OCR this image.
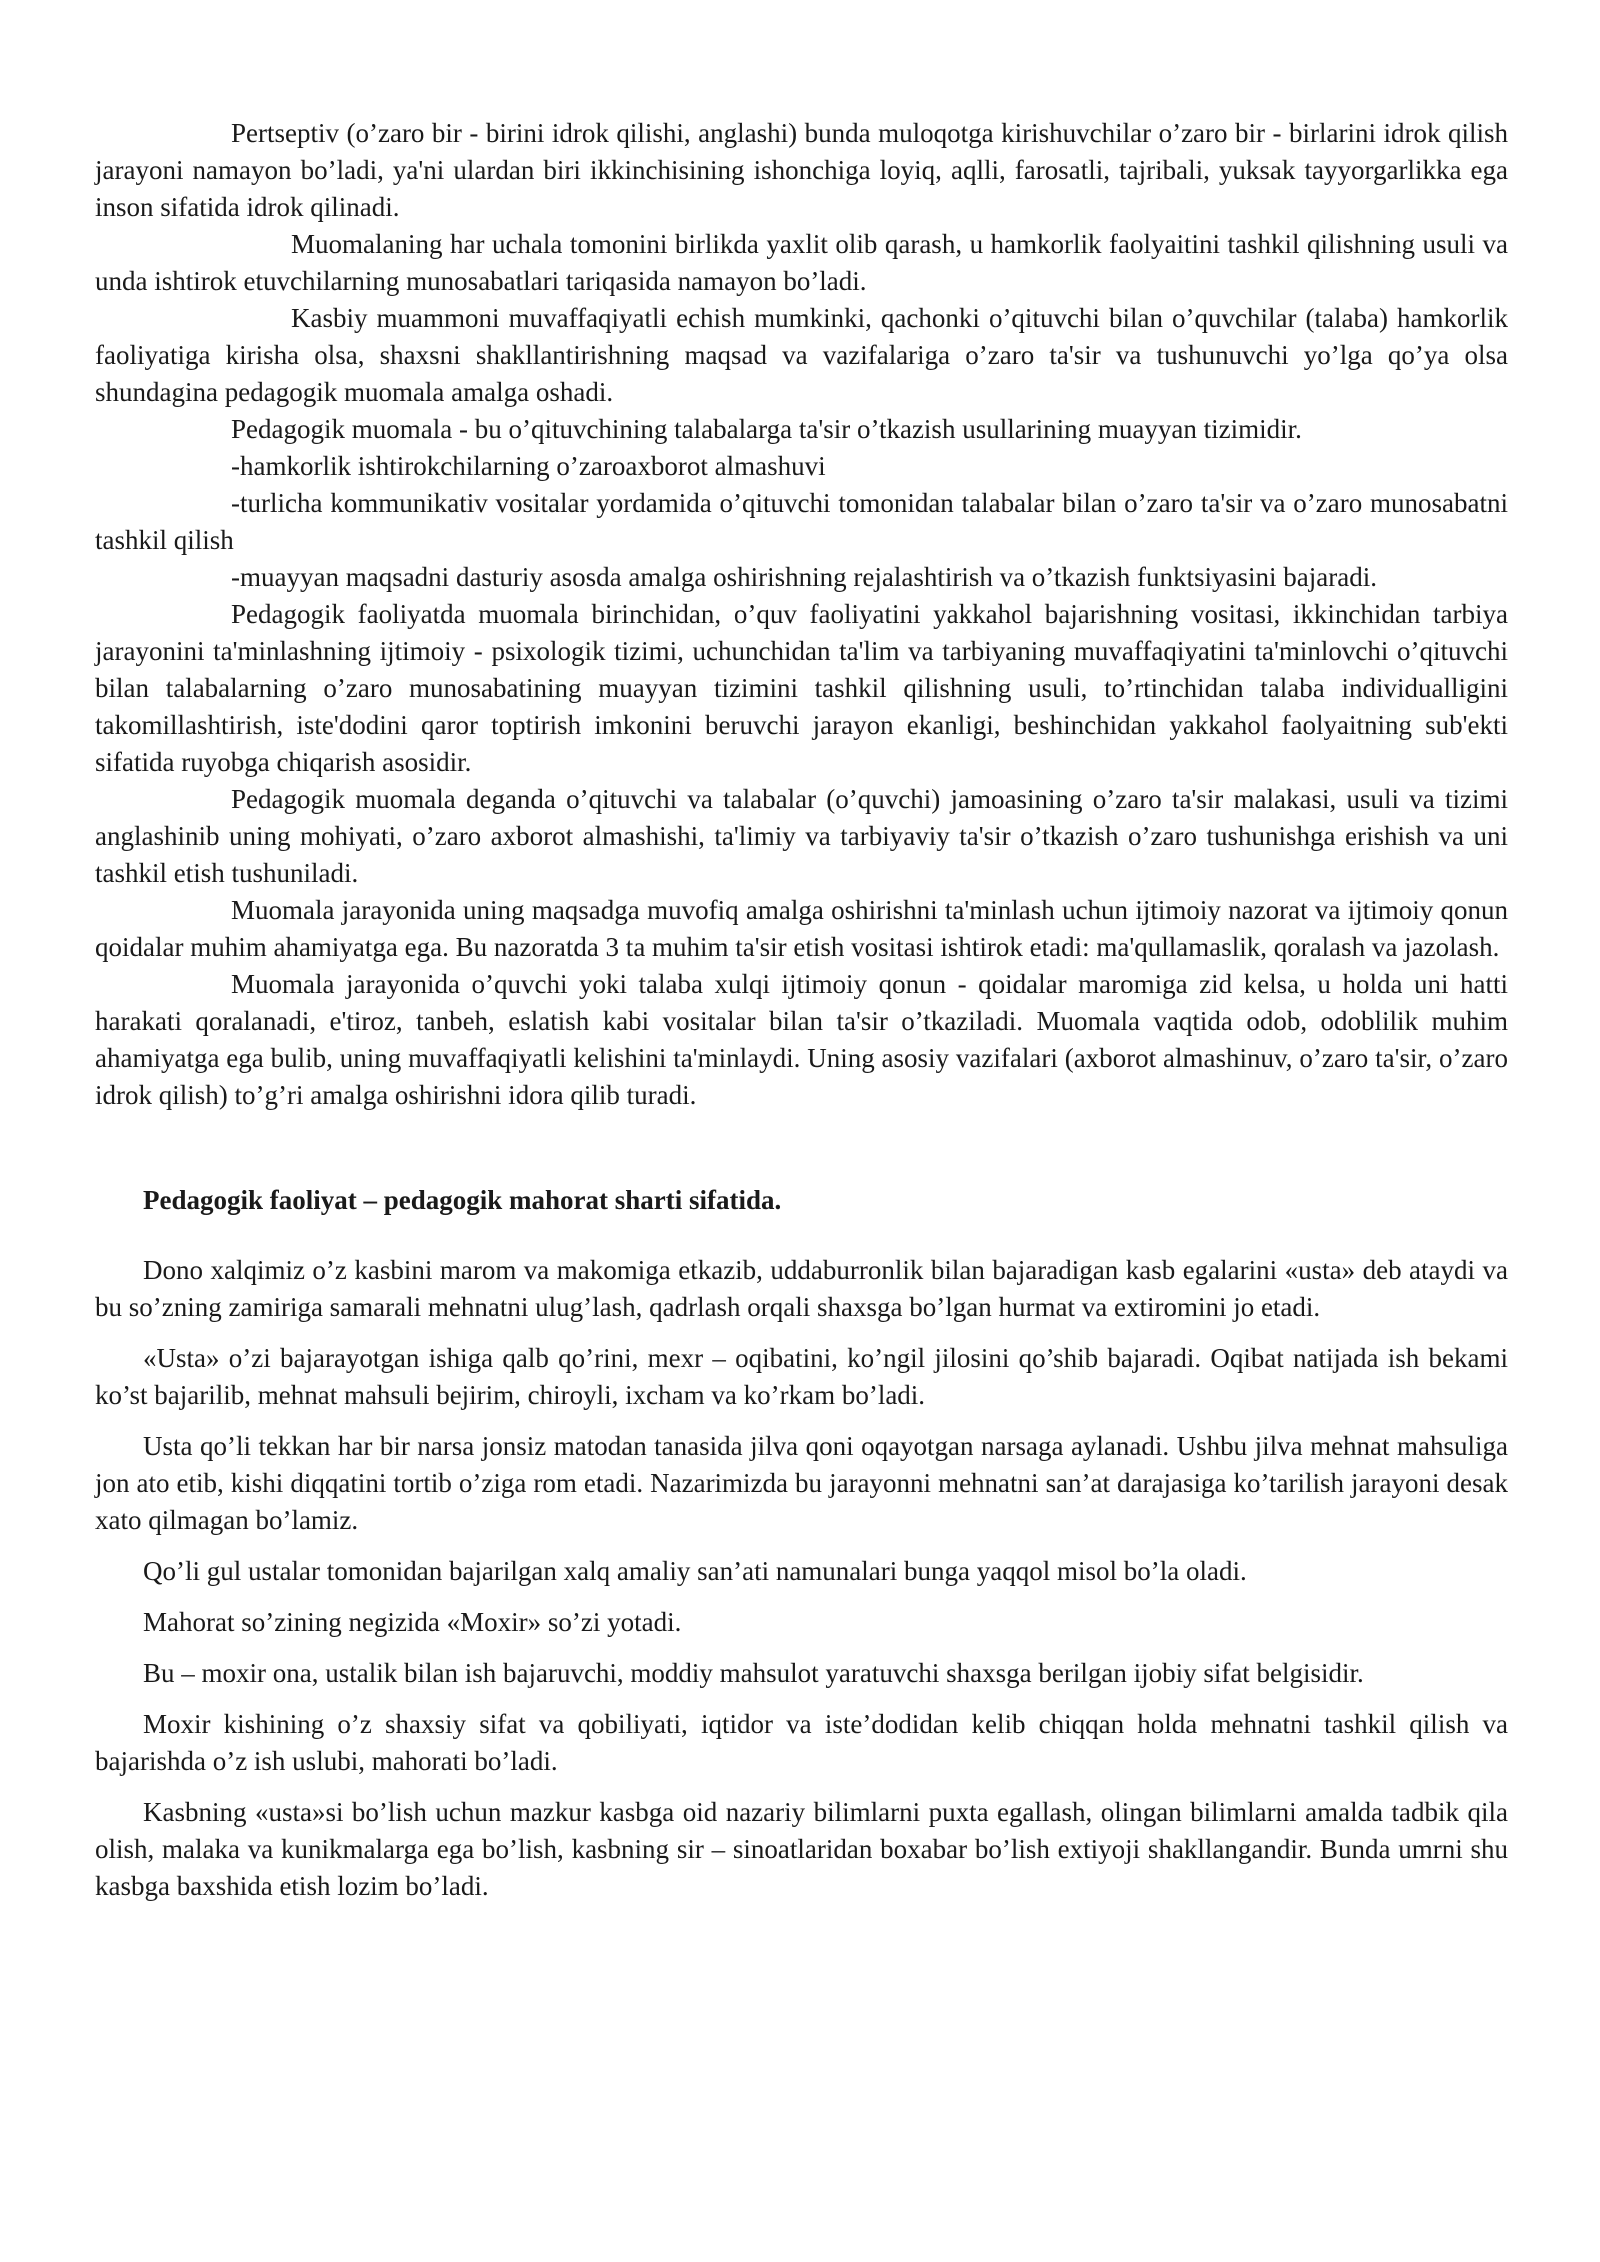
Pertseptiv (o’zaro bir - birini idrok qilishi, anglashi) bunda muloqotga kirishuvchilar o’zaro bir - birlarini idrok qilish jarayoni namayon bo’ladi, ya'ni ulardan biri ikkinchisining ishonchiga loyiq, aqlli, farosatli, tajribali, yuksak tayyorgarlikka ega inson sifatida idrok qilinadi.

Muomalaning har uchala tomonini birlikda yaxlit olib qarash, u hamkorlik faolyaitini tashkil qilishning usuli va unda ishtirok etuvchilarning munosabatlari tariqasida namayon bo’ladi.

Kasbiy muammoni muvaffaqiyatli echish mumkinki, qachonki o’qituvchi bilan o’quvchilar (talaba) hamkorlik faoliyatiga kirisha olsa, shaxsni shakllantirishning maqsad va vazifalariga o’zaro ta'sir va tushunuvchi yo’lga qo’ya olsa shundagina pedagogik muomala amalga oshadi.

Pedagogik muomala - bu o’qituvchining talabalarga ta'sir o’tkazish usullarining muayyan tizimidir.

-hamkorlik ishtirokchilarning o’zaroaxborot almashuvi

-turlicha kommunikativ vositalar yordamida o’qituvchi tomonidan talabalar bilan o’zaro ta'sir va o’zaro munosabatni tashkil qilish

-muayyan maqsadni dasturiy asosda amalga oshirishning rejalashtirish va o’tkazish funktsiyasini bajaradi.

Pedagogik faoliyatda muomala birinchidan, o’quv faoliyatini yakkahol bajarishning vositasi, ikkinchidan tarbiya jarayonini ta'minlashning ijtimoiy - psixologik tizimi, uchunchidan ta'lim va tarbiyaning muvaffaqiyatini ta'minlovchi o’qituvchi bilan talabalarning o’zaro munosabatining muayyan tizimini tashkil qilishning usuli, to’rtinchidan talaba individualligini takomillashtirish, iste'dodini qaror toptirish imkonini beruvchi jarayon ekanligi, beshinchidan yakkahol faolyaitning sub'ekti sifatida ruyobga chiqarish asosidir.

Pedagogik muomala deganda o’qituvchi va talabalar (o’quvchi) jamoasining o’zaro ta'sir malakasi, usuli va tizimi anglashinib uning mohiyati, o’zaro axborot almashishi, ta'limiy va tarbiyaviy ta'sir o’tkazish o’zaro tushunishga erishish va uni tashkil etish tushuniladi.

Muomala jarayonida uning maqsadga muvofiq amalga oshirishni ta'minlash uchun ijtimoiy nazorat va ijtimoiy qonun qoidalar muhim ahamiyatga ega. Bu nazoratda 3 ta muhim ta'sir etish vositasi ishtirok etadi: ma'qullamaslik, qoralash va jazolash.

Muomala jarayonida o’quvchi yoki talaba xulqi ijtimoiy qonun - qoidalar maromiga zid kelsa, u holda uni hatti harakati qoralanadi, e'tiroz, tanbeh, eslatish kabi vositalar bilan ta'sir o’tkaziladi. Muomala vaqtida odob, odoblilik muhim ahamiyatga ega bulib, uning muvaffaqiyatli kelishini ta'minlaydi. Uning asosiy vazifalari (axborot almashinuv, o’zaro ta'sir, o’zaro idrok qilish) to’g’ri amalga oshirishni idora qilib turadi.

Pedagogik faoliyat – pedagogik mahorat sharti sifatida.

Dono xalqimiz o’z kasbini marom va makomiga etkazib, uddaburronlik bilan bajaradigan kasb egalarini «usta» deb ataydi va bu so’zning zamiriga samarali mehnatni ulug’lash, qadrlash orqali shaxsga bo’lgan hurmat va extiromini jo etadi.

«Usta» o’zi bajarayotgan ishiga qalb qo’rini, mexr – oqibatini, ko’ngil jilosini qo’shib bajaradi. Oqibat natijada ish bekami ko’st bajarilib, mehnat mahsuli bejirim, chiroyli, ixcham va ko’rkam bo’ladi.

Usta qo’li tekkan har bir narsa jonsiz matodan tanasida jilva qoni oqayotgan narsaga aylanadi. Ushbu jilva mehnat mahsuliga jon ato etib, kishi diqqatini tortib o’ziga rom etadi. Nazarimizda bu jarayonni mehnatni san’at darajasiga ko’tarilish jarayoni desak xato qilmagan bo’lamiz.

Qo’li gul ustalar tomonidan bajarilgan xalq amaliy san’ati namunalari bunga yaqqol misol bo’la oladi.

Mahorat so’zining negizida «Moxir» so’zi yotadi.

Bu – moxir ona, ustalik bilan ish bajaruvchi, moddiy mahsulot yaratuvchi shaxsga berilgan ijobiy sifat belgisidir.

Moxir kishining o’z shaxsiy sifat va qobiliyati, iqtidor va iste’dodidan kelib chiqqan holda mehnatni tashkil qilish va bajarishda o’z ish uslubi, mahorati bo’ladi.

Kasbning «usta»si bo’lish uchun mazkur kasbga oid nazariy bilimlarni puxta egallash, olingan bilimlarni amalda tadbik qila olish, malaka va kunikmalarga ega bo’lish, kasbning sir – sinoatlaridan boxabar bo’lish extiyoji shakllangandir. Bunda umrni shu kasbga baxshida etish lozim bo’ladi.
